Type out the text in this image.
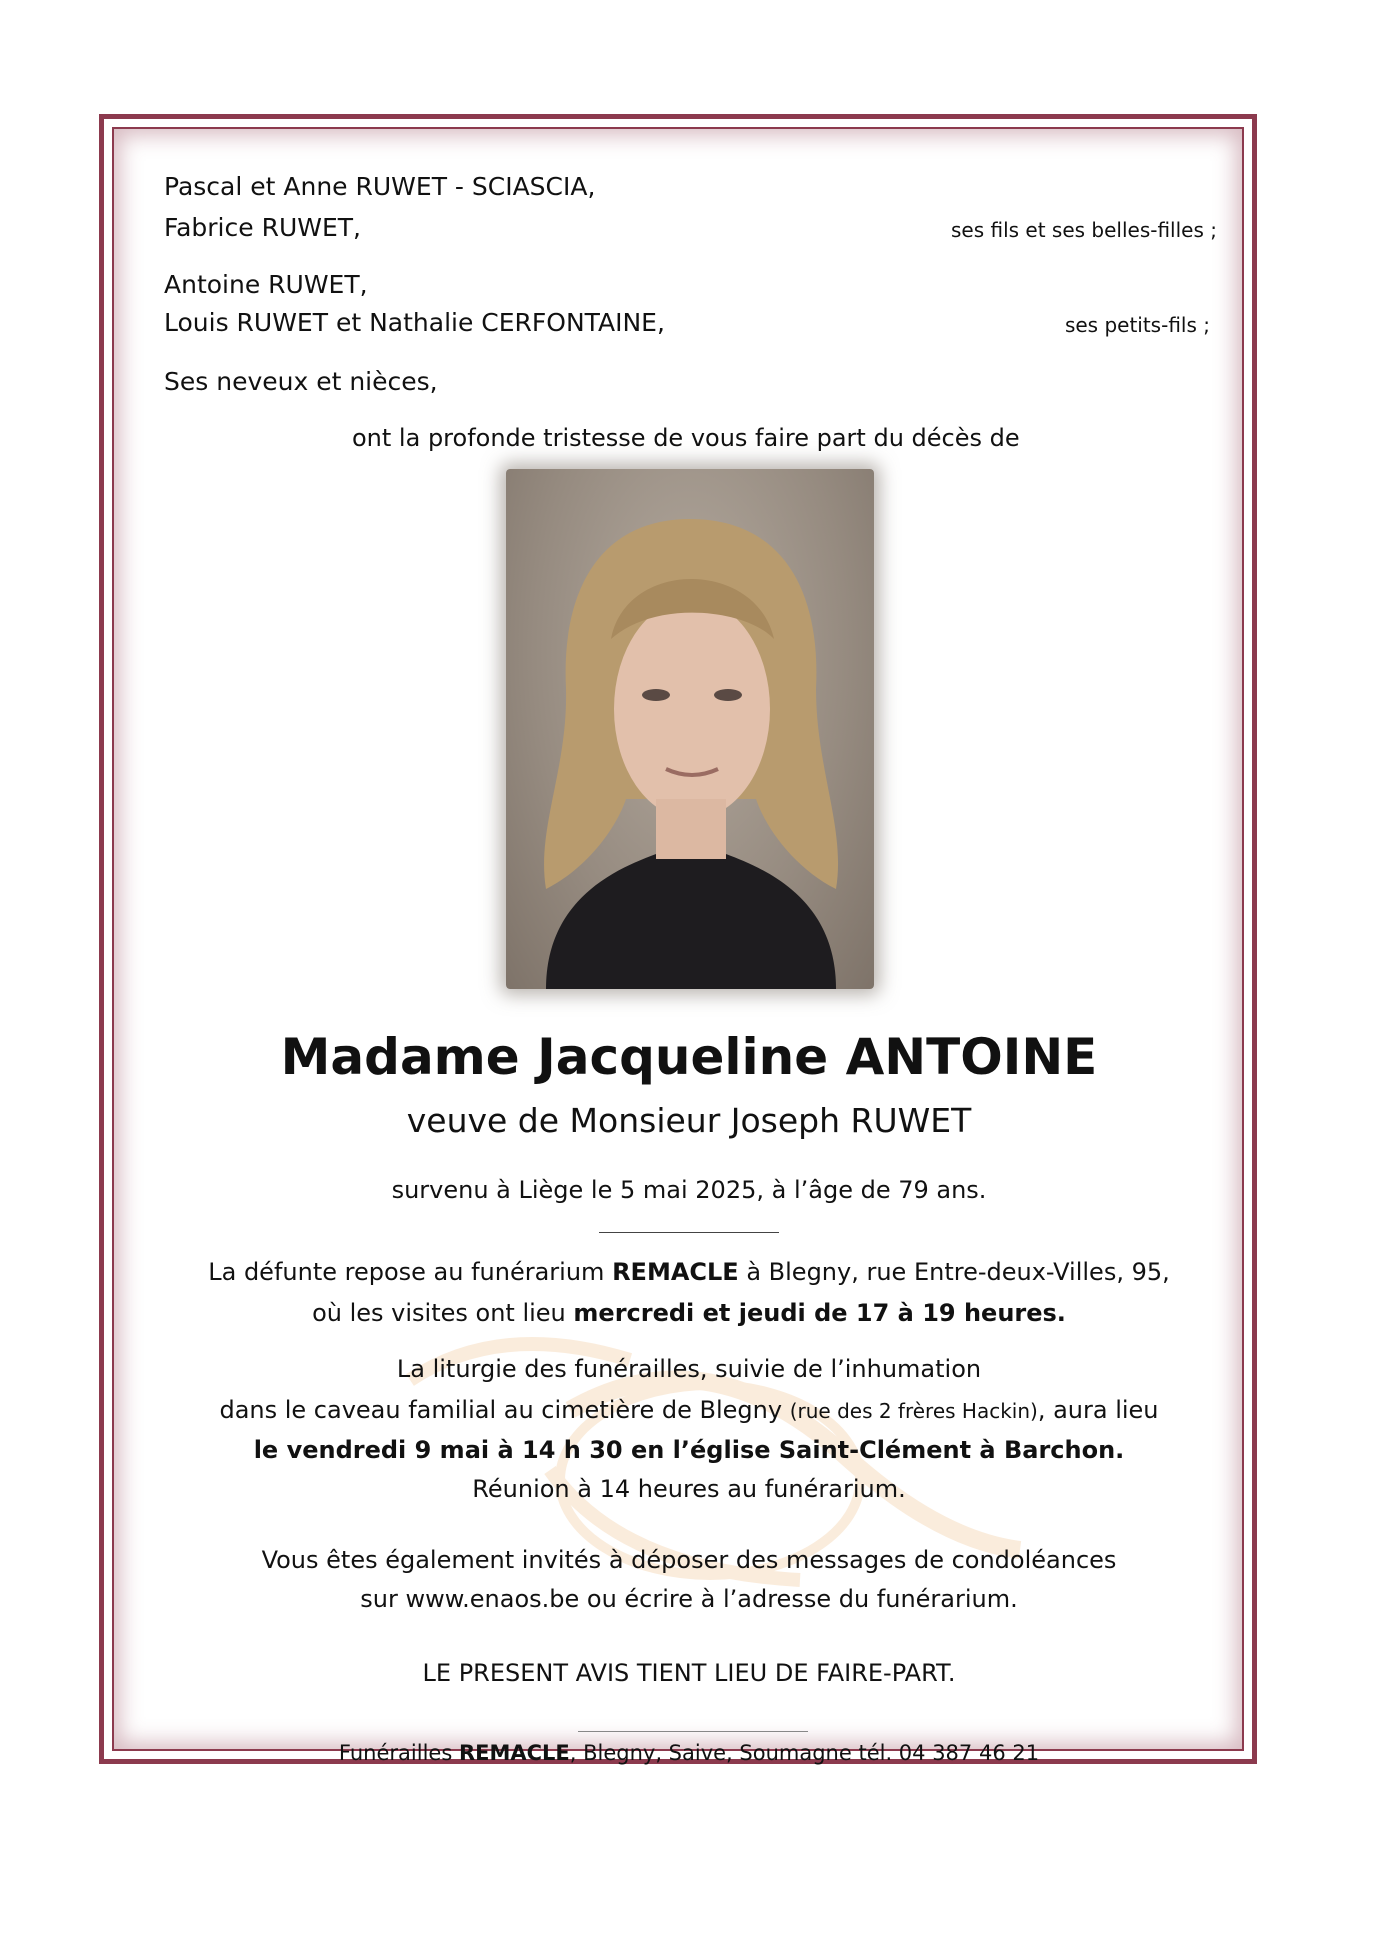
Pascal et Anne RUWET - SCIASCIA,

Fabrice RUWET,	ses fils et ses belles-filles ;

Antoine RUWET,

Louis RUWET et Nathalie CERFONTAINE,	ses petits-fils ;

Ses neveux et nièces,

ont la profonde tristesse de vous faire part du décès de

Madame Jacqueline ANTOINE

veuve de Monsieur Joseph RUWET

survenu à Liège le 5 mai 2025, à l’âge de 79 ans.

La défunte repose au funérarium REMACLE à Blegny, rue Entre-deux-Villes, 95,

où les visites ont lieu mercredi et jeudi de 17 à 19 heures.

La liturgie des funérailles, suivie de l’inhumation

dans le caveau familial au cimetière de Blegny (rue des 2 frères Hackin), aura lieu

le vendredi 9 mai à 14 h 30 en l’église Saint-Clément à Barchon.

Réunion à 14 heures au funérarium.

Vous êtes également invités à déposer des messages de condoléances

sur www.enaos.be ou écrire à l’adresse du funérarium.

LE PRESENT AVIS TIENT LIEU DE FAIRE-PART.

Funérailles REMACLE, Blegny, Saive, Soumagne tél. 04 387 46 21
